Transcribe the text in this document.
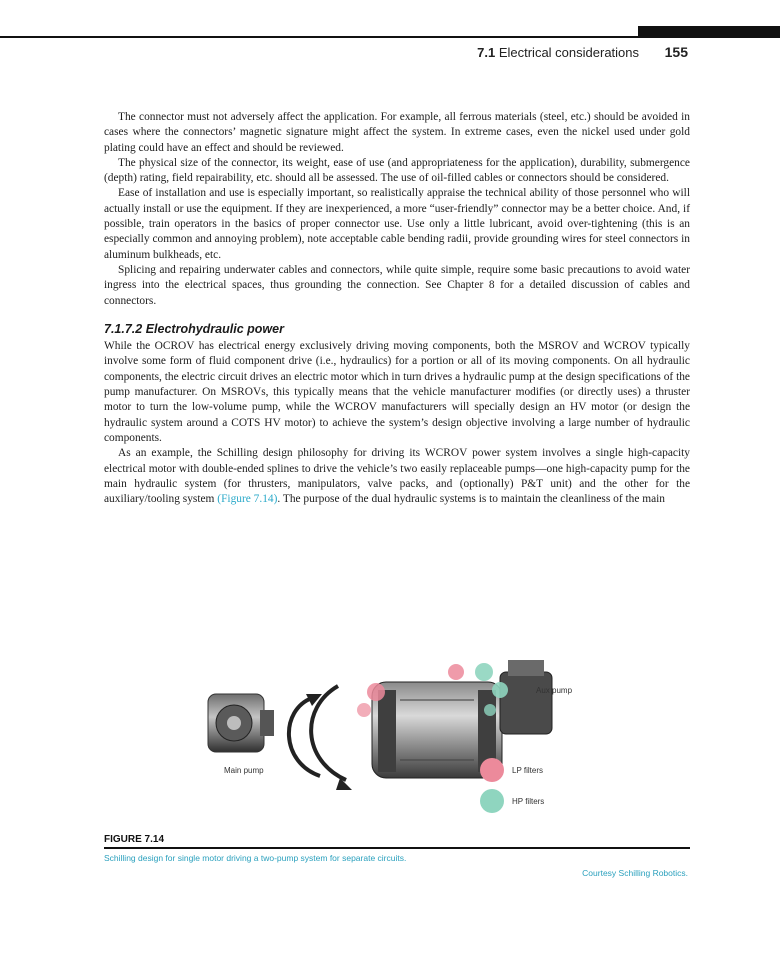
7.1 Electrical considerations 155

The connector must not adversely affect the application. For example, all ferrous materials (steel, etc.) should be avoided in cases where the connectors’ magnetic signature might affect the system. In extreme cases, even the nickel used under gold plating could have an effect and should be reviewed.

The physical size of the connector, its weight, ease of use (and appropriateness for the application), durability, submergence (depth) rating, field repairability, etc. should all be assessed. The use of oil-filled cables or connectors should be considered.

Ease of installation and use is especially important, so realistically appraise the technical ability of those personnel who will actually install or use the equipment. If they are inexperienced, a more “user-friendly” connector may be a better choice. And, if possible, train operators in the basics of proper connector use. Use only a little lubricant, avoid over-tightening (this is an especially common and annoying problem), note acceptable cable bending radii, provide grounding wires for steel connectors in aluminum bulkheads, etc.

Splicing and repairing underwater cables and connectors, while quite simple, require some basic precautions to avoid water ingress into the electrical spaces, thus grounding the connection. See Chapter 8 for a detailed discussion of cables and connectors.

7.1.7.2 Electrohydraulic power

While the OCROV has electrical energy exclusively driving moving components, both the MSROV and WCROV typically involve some form of fluid component drive (i.e., hydraulics) for a portion or all of its moving components. On all hydraulic components, the electric circuit drives an electric motor which in turn drives a hydraulic pump at the design specifications of the pump manufacturer. On MSROVs, this typically means that the vehicle manufacturer modifies (or directly uses) a thruster motor to turn the low-volume pump, while the WCROV manufacturers will specially design an HV motor (or design the hydraulic system around a COTS HV motor) to achieve the system’s design objective involving a large number of hydraulic components.

As an example, the Schilling design philosophy for driving its WCROV power system involves a single high-capacity electrical motor with double-ended splines to drive the vehicle’s two easily replaceable pumps—one high-capacity pump for the main hydraulic system (for thrusters, manipulators, valve packs, and (optionally) P&T unit) and the other for the auxiliary/tooling system (Figure 7.14). The purpose of the dual hydraulic systems is to maintain the cleanliness of the main

Aux pump
Main pump	LP filters
HP filters
FIGURE 7.14
Schilling design for single motor driving a two-pump system for separate circuits.
Courtesy Schilling Robotics.
